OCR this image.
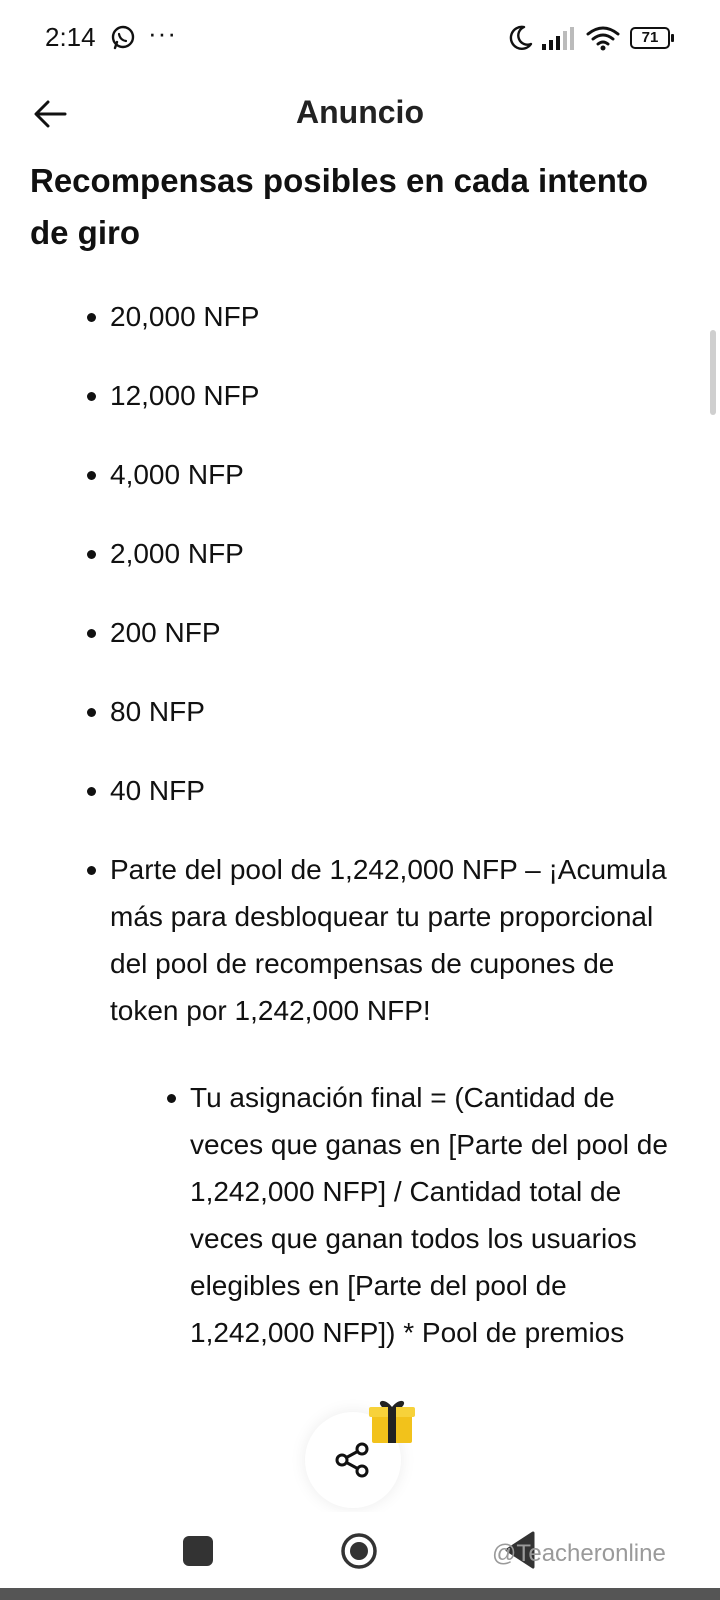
2:14 ···	71
Anuncio
Recompensas posibles en cada intento de giro
20,000 NFP
12,000 NFP
4,000 NFP
2,000 NFP
200 NFP
80 NFP
40 NFP
Parte del pool de 1,242,000 NFP – ¡Acumula más para desbloquear tu parte proporcional del pool de recompensas de cupones de token por 1,242,000 NFP!
Tu asignación final = (Cantidad de veces que ganas en [Parte del pool de 1,242,000 NFP] / Cantidad total de veces que ganan todos los usuarios elegibles en [Parte del pool de 1,242,000 NFP]) * Pool de premios
@Teacheronline
